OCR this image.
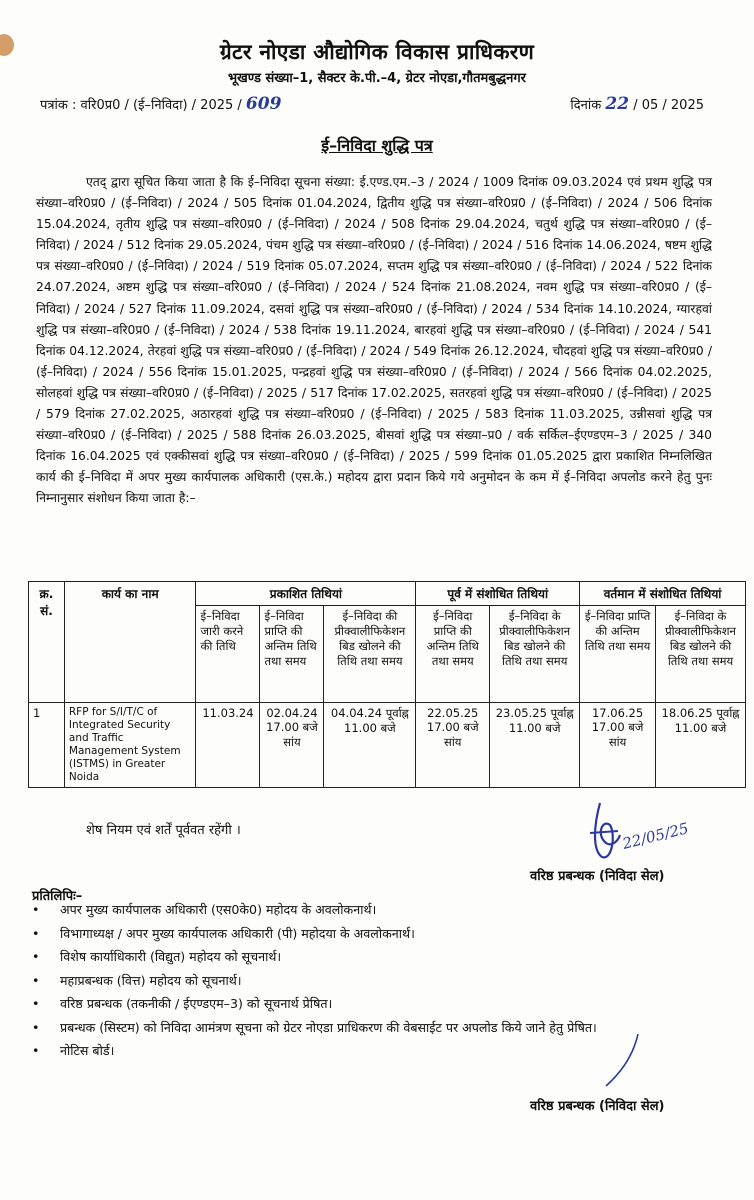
ग्रेटर नोएडा औद्योगिक विकास प्राधिकरण
भूखण्ड संख्या–1, सैक्टर के.पी.–4, ग्रेटर नोएडा,गौतमबुद्धनगर
पत्रांक : वरि0प्र0 / (ई–निविदा) / 2025 / 609	दिनांक 22 / 05 / 2025
ई–निविदा शुद्धि पत्र
एतद् द्वारा सूचित किया जाता है कि ई–निविदा सूचना संख्या: ई.एण्ड.एम.–3 / 2024 / 1009 दिनांक 09.03.2024 एवं प्रथम शुद्धि पत्र संख्या–वरि0प्र0 / (ई–निविदा) / 2024 / 505 दिनांक 01.04.2024, द्वितीय शुद्धि पत्र संख्या–वरि0प्र0 / (ई–निविदा) / 2024 / 506 दिनांक 15.04.2024, तृतीय शुद्धि पत्र संख्या–वरि0प्र0 / (ई–निविदा) / 2024 / 508 दिनांक 29.04.2024, चतुर्थ शुद्धि पत्र संख्या–वरि0प्र0 / (ई–निविदा) / 2024 / 512 दिनांक 29.05.2024, पंचम शुद्धि पत्र संख्या–वरि0प्र0 / (ई–निविदा) / 2024 / 516 दिनांक 14.06.2024, षष्टम शुद्धि पत्र संख्या–वरि0प्र0 / (ई–निविदा) / 2024 / 519 दिनांक 05.07.2024, सप्तम शुद्धि पत्र संख्या–वरि0प्र0 / (ई–निविदा) / 2024 / 522 दिनांक 24.07.2024, अष्टम शुद्धि पत्र संख्या–वरि0प्र0 / (ई–निविदा) / 2024 / 524 दिनांक 21.08.2024, नवम शुद्धि पत्र संख्या–वरि0प्र0 / (ई–निविदा) / 2024 / 527 दिनांक 11.09.2024, दसवां शुद्धि पत्र संख्या–वरि0प्र0 / (ई–निविदा) / 2024 / 534 दिनांक 14.10.2024, ग्यारहवां शुद्धि पत्र संख्या–वरि0प्र0 / (ई–निविदा) / 2024 / 538 दिनांक 19.11.2024, बारहवां शुद्धि पत्र संख्या–वरि0प्र0 / (ई–निविदा) / 2024 / 541 दिनांक 04.12.2024, तेरहवां शुद्धि पत्र संख्या–वरि0प्र0 / (ई–निविदा) / 2024 / 549 दिनांक 26.12.2024, चौदहवां शुद्धि पत्र संख्या–वरि0प्र0 / (ई–निविदा) / 2024 / 556 दिनांक 15.01.2025, पन्द्रहवां शुद्धि पत्र संख्या–वरि0प्र0 / (ई–निविदा) / 2024 / 566 दिनांक 04.02.2025, सोलहवां शुद्धि पत्र संख्या–वरि0प्र0 / (ई–निविदा) / 2025 / 517 दिनांक 17.02.2025, सतरहवां शुद्धि पत्र संख्या–वरि0प्र0 / (ई–निविदा) / 2025 / 579 दिनांक 27.02.2025, अठारहवां शुद्धि पत्र संख्या–वरि0प्र0 / (ई–निविदा) / 2025 / 583 दिनांक 11.03.2025, उन्नीसवां शुद्धि पत्र संख्या–वरि0प्र0 / (ई–निविदा) / 2025 / 588 दिनांक 26.03.2025, बीसवां शुद्धि पत्र संख्या–प्र0 / वर्क सर्किल–ईएण्डएम–3 / 2025 / 340 दिनांक 16.04.2025 एवं एक्कीसवां शुद्धि पत्र संख्या–वरि0प्र0 / (ई–निविदा) / 2025 / 599 दिनांक 01.05.2025 द्वारा प्रकाशित निम्नलिखित कार्य की ई–निविदा में अपर मुख्य कार्यपालक अधिकारी (एस.के.) महोदय द्वारा प्रदान किये गये अनुमोदन के कम में ई–निविदा अपलोड करने हेतु पुनः निम्नानुसार संशोधन किया जाता है:–
क्र. सं.	कार्य का नाम	प्रकाशित तिथियां			पूर्व में संशोधित तिथियां		वर्तमान में संशोधित तिथियां	
		ई–निविदा जारी करने की तिथि	ई–निविदा प्राप्ति की अन्तिम तिथि तथा समय	ई–निविदा की प्रीक्वालीफिकेशन बिड खोलने की तिथि तथा समय	ई–निविदा प्राप्ति की अन्तिम तिथि तथा समय	ई–निविदा के प्रीक्वालीफिकेशन बिड खोलने की तिथि तथा समय	ई–निविदा प्राप्ति की अन्तिम तिथि तथा समय	ई–निविदा के प्रीक्वालीफिकेशन बिड खोलने की तिथि तथा समय
1	RFP for S/I/T/C of Integrated Security and Traffic Management System (ISTMS) in Greater Noida	11.03.24	02.04.24 17.00 बजे सांय	04.04.24 पूर्वाह्न 11.00 बजे	22.05.25 17.00 बजे सांय	23.05.25 पूर्वाह्न 11.00 बजे	17.06.25 17.00 बजे सांय	18.06.25 पूर्वाह्न 11.00 बजे
शेष नियम एवं शर्तें पूर्ववत रहेंगी ।	22/05/25
वरिष्ठ प्रबन्धक (निविदा सेल)
प्रतिलिपिः–
• अपर मुख्य कार्यपालक अधिकारी (एस0के0) महोदय के अवलोकनार्थ।
• विभागाध्यक्ष / अपर मुख्य कार्यपालक अधिकारी (पी) महोदया के अवलोकनार्थ।
• विशेष कार्याधिकारी (विद्युत) महोदय को सूचनार्थ।
• महाप्रबन्धक (वित्त) महोदय को सूचनार्थ।
• वरिष्ठ प्रबन्धक (तकनीकी / ईएण्डएम–3) को सूचनार्थ प्रेषित।
• प्रबन्धक (सिस्टम) को निविदा आमंत्रण सूचना को ग्रेटर नोएडा प्राधिकरण की वेबसाईट पर अपलोड किये जाने हेतु प्रेषित।
• नोटिस बोर्ड।
वरिष्ठ प्रबन्धक (निविदा सेल)
